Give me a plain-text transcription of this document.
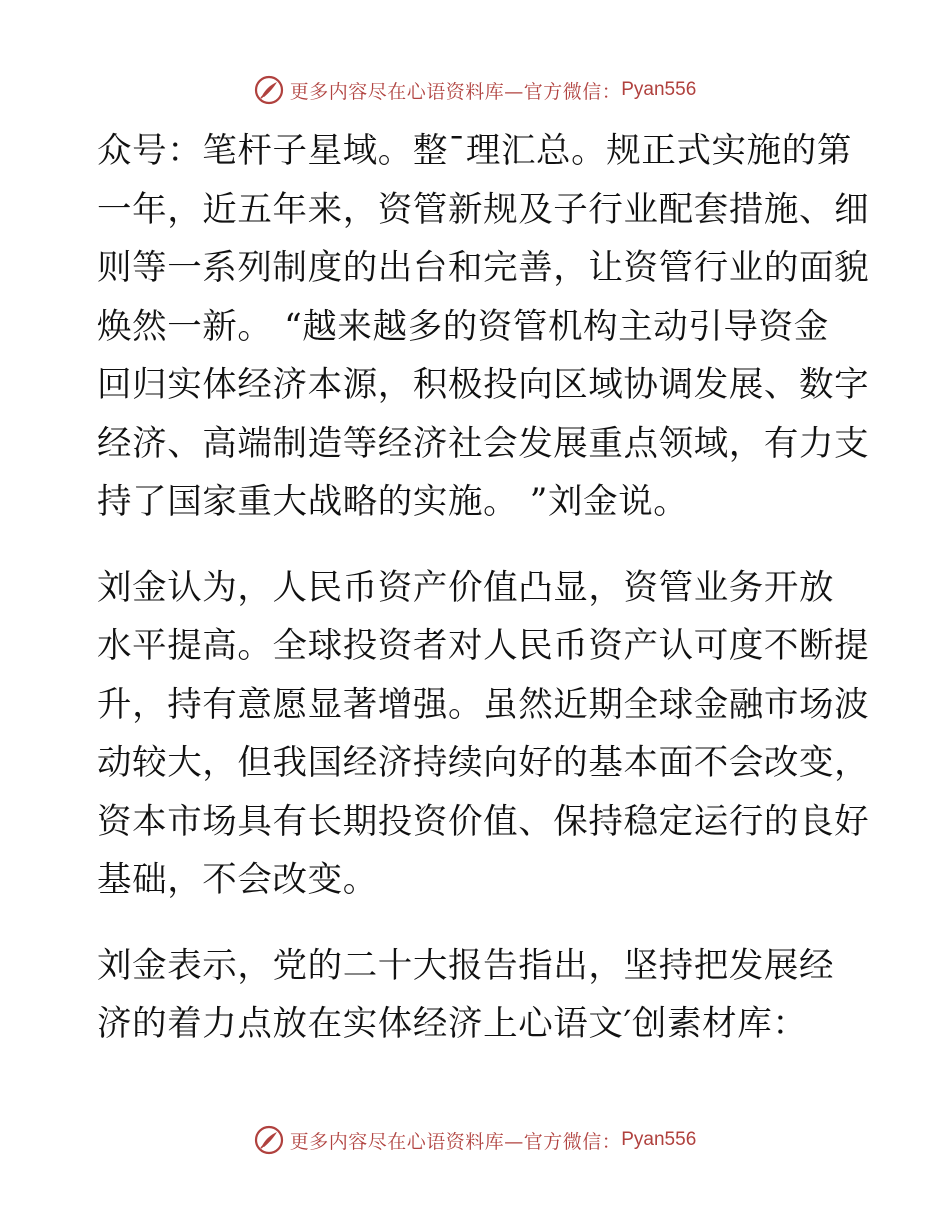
更多内容尽在心语资料库—官方微信： Pyan556
众号：笔杆子星域。整¯理汇总。规正式实施的第
一年，近五年来，资管新规及子行业配套措施、细
则等一系列制度的出台和完善，让资管行业的面貌
焕然一新。 “越来越多的资管机构主动引导资金
回归实体经济本源，积极投向区域协调发展、数字
经济、高端制造等经济社会发展重点领域，有力支
持了国家重大战略的实施。 ”刘金说。
刘金认为，人民币资产价值凸显，资管业务开放
水平提高。全球投资者对人民币资产认可度不断提
升，持有意愿显著增强。虽然近期全球金融市场波
动较大，但我国经济持续向好的基本面不会改变，
资本市场具有长期投资价值、保持稳定运行的良好
基础，不会改变。
刘金表示，党的二十大报告指出，坚持把发展经
济的着力点放在实体经济上心语文′创素材库：
更多内容尽在心语资料库—官方微信： Pyan556
